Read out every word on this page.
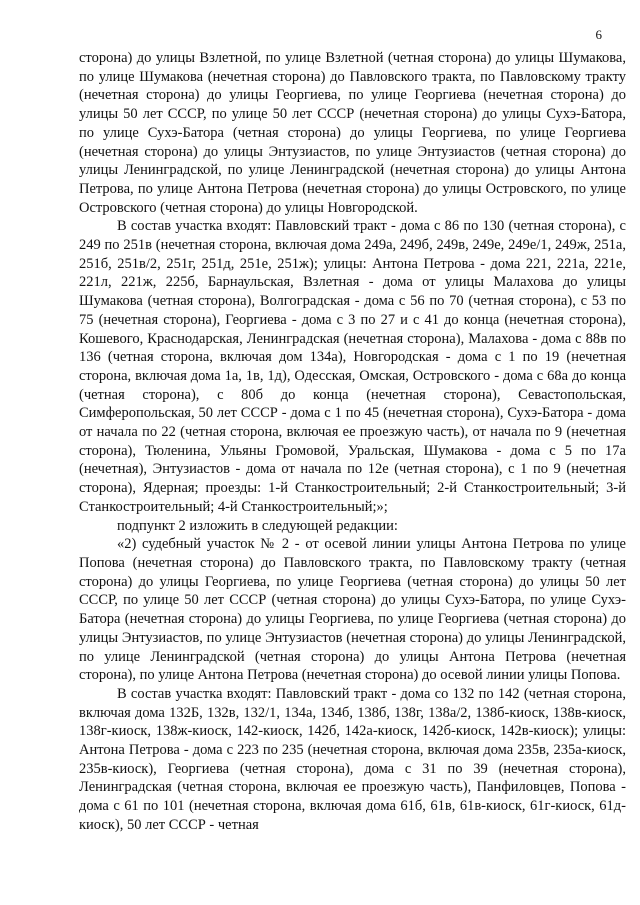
6

сторона) до улицы Взлетной, по улице Взлетной (четная сторона) до улицы Шумакова, по улице Шумакова (нечетная сторона) до Павловского тракта, по Павловскому тракту (нечетная сторона) до улицы Георгиева, по улице Георгиева (нечетная сторона) до улицы 50 лет СССР, по улице 50 лет СССР (нечетная сторона) до улицы Сухэ-Батора, по улице Сухэ-Батора (четная сторона) до улицы Георгиева, по улице Георгиева (нечетная сторона) до улицы Энтузиастов, по улице Энтузиастов (четная сторона) до улицы Ленинградской, по улице Ленинградской (нечетная сторона) до улицы Антона Петрова, по улице Антона Петрова (нечетная сторона) до улицы Островского, по улице Островского (четная сторона) до улицы Новгородской.

В состав участка входят: Павловский тракт - дома с 86 по 130 (четная сторона), с 249 по 251в (нечетная сторона, включая дома 249а, 249б, 249в, 249е, 249е/1, 249ж, 251а, 251б, 251в/2, 251г, 251д, 251е, 251ж); улицы: Антона Петрова - дома 221, 221а, 221е, 221л, 221ж, 225б, Барнаульская, Взлетная - дома от улицы Малахова до улицы Шумакова (четная сторона), Волгоградская - дома с 56 по 70 (четная сторона), с 53 по 75 (нечетная сторона), Георгиева - дома с 3 по 27 и с 41 до конца (нечетная сторона), Кошевого, Краснодарская, Ленинградская (нечетная сторона), Малахова - дома с 88в по 136 (четная сторона, включая дом 134а), Новгородская - дома с 1 по 19 (нечетная сторона, включая дома 1а, 1в, 1д), Одесская, Омская, Островского - дома с 68а до конца (четная сторона), с 80б до конца (нечетная сторона), Севастопольская, Симферопольская, 50 лет СССР - дома с 1 по 45 (нечетная сторона), Сухэ-Батора - дома от начала по 22 (четная сторона, включая ее проезжую часть), от начала по 9 (нечетная сторона), Тюленина, Ульяны Громовой, Уральская, Шумакова - дома с 5 по 17а (нечетная), Энтузиастов - дома от начала по 12е (четная сторона), с 1 по 9 (нечетная сторона), Ядерная; проезды: 1-й Станкостроительный; 2-й Станкостроительный; 3-й Станкостроительный; 4-й Станкостроительный;»;

подпункт 2 изложить в следующей редакции:

«2) судебный участок № 2 - от осевой линии улицы Антона Петрова по улице Попова (нечетная сторона) до Павловского тракта, по Павловскому тракту (четная сторона) до улицы Георгиева, по улице Георгиева (четная сторона) до улицы 50 лет СССР, по улице 50 лет СССР (четная сторона) до улицы Сухэ-Батора, по улице Сухэ-Батора (нечетная сторона) до улицы Георгиева, по улице Георгиева (четная сторона) до улицы Энтузиастов, по улице Энтузиастов (нечетная сторона) до улицы Ленинградской, по улице Ленинградской (четная сторона) до улицы Антона Петрова (нечетная сторона), по улице Антона Петрова (нечетная сторона) до осевой линии улицы Попова.

В состав участка входят: Павловский тракт - дома со 132 по 142 (четная сторона, включая дома 132Б, 132в, 132/1, 134а, 134б, 138б, 138г, 138а/2, 138б-киоск, 138в-киоск, 138г-киоск, 138ж-киоск, 142-киоск, 142б, 142а-киоск, 142б-киоск, 142в-киоск); улицы: Антона Петрова - дома с 223 по 235 (нечетная сторона, включая дома 235в, 235а-киоск, 235в-киоск), Георгиева (четная сторона), дома с 31 по 39 (нечетная сторона), Ленинградская (четная сторона, включая ее проезжую часть), Панфиловцев, Попова - дома с 61 по 101 (нечетная сторона, включая дома 61б, 61в, 61в-киоск, 61г-киоск, 61д-киоск), 50 лет СССР - четная
